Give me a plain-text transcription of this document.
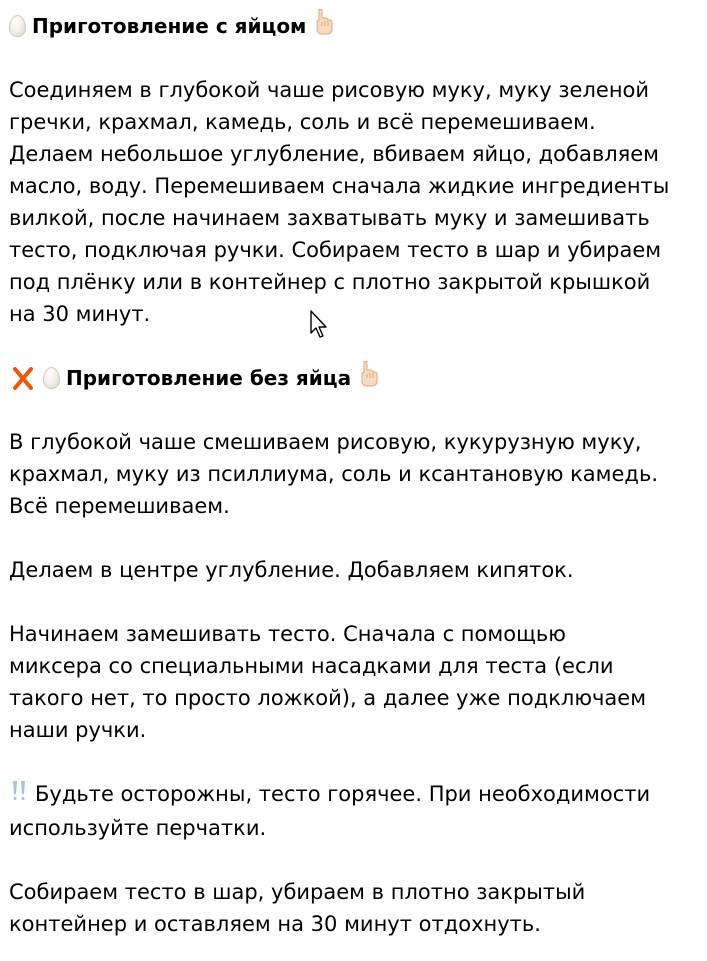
Приготовление с яйцом
Соединяем в глубокой чаше рисовую муку, муку зеленой
гречки, крахмал, камедь, соль и всё перемешиваем.
Делаем небольшое углубление, вбиваем яйцо, добавляем
масло, воду. Перемешиваем сначала жидкие ингредиенты
вилкой, после начинаем захватывать муку и замешивать
тесто, подключая ручки. Собираем тесто в шар и убираем
под плёнку или в контейнер с плотно закрытой крышкой
на 30 минут.
Приготовление без яйца
В глубокой чаше смешиваем рисовую, кукурузную муку,
крахмал, муку из псиллиума, соль и ксантановую камедь.
Всё перемешиваем.
Делаем в центре углубление. Добавляем кипяток.
Начинаем замешивать тесто. Сначала с помощью
миксера со специальными насадками для теста (если
такого нет, то просто ложкой), а далее уже подключаем
наши ручки.
Будьте осторожны, тесто горячее. При необходимости
используйте перчатки.
Собираем тесто в шар, убираем в плотно закрытый
контейнер и оставляем на 30 минут отдохнуть.
